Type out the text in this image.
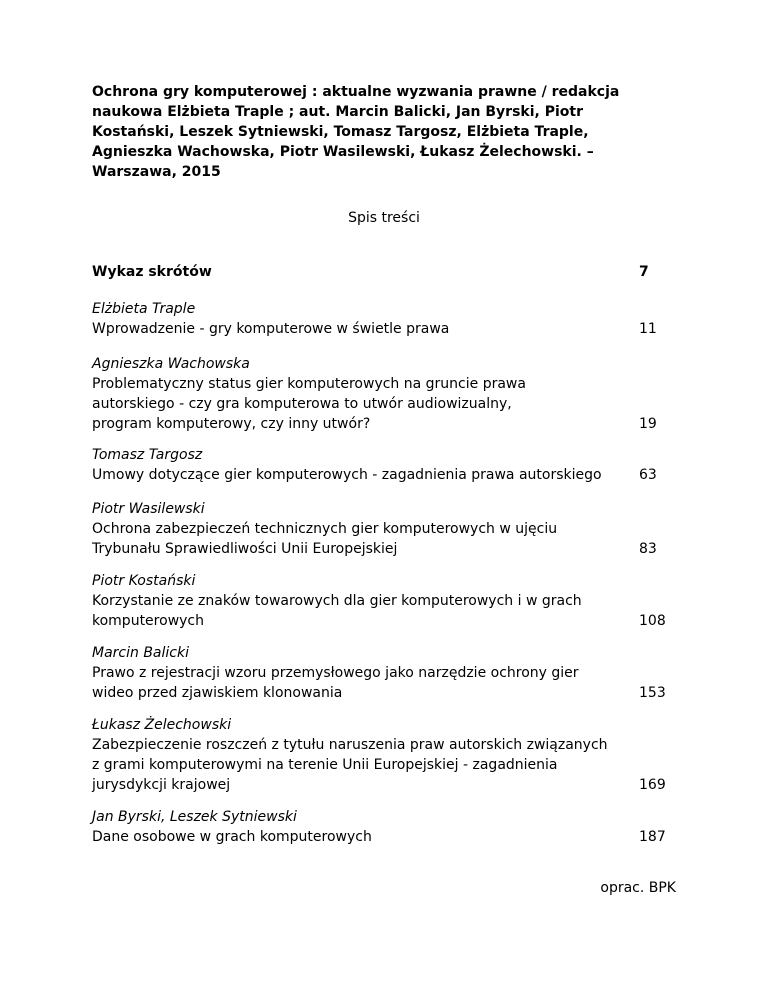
Ochrona gry komputerowej : aktualne wyzwania prawne / redakcja
naukowa Elżbieta Traple ; aut. Marcin Balicki, Jan Byrski, Piotr
Kostański, Leszek Sytniewski, Tomasz Targosz, Elżbieta Traple,
Agnieszka Wachowska, Piotr Wasilewski, Łukasz Żelechowski. –
Warszawa, 2015
Spis treści
Wykaz skrótów	7
Elżbieta Traple
Wprowadzenie - gry komputerowe w świetle prawa	11
Agnieszka Wachowska
Problematyczny status gier komputerowych na gruncie prawa
autorskiego - czy gra komputerowa to utwór audiowizualny,
program komputerowy, czy inny utwór?	19
Tomasz Targosz
Umowy dotyczące gier komputerowych - zagadnienia prawa autorskiego	63
Piotr Wasilewski
Ochrona zabezpieczeń technicznych gier komputerowych w ujęciu
Trybunału Sprawiedliwości Unii Europejskiej	83
Piotr Kostański
Korzystanie ze znaków towarowych dla gier komputerowych i w grach
komputerowych	108
Marcin Balicki
Prawo z rejestracji wzoru przemysłowego jako narzędzie ochrony gier
wideo przed zjawiskiem klonowania	153
Łukasz Żelechowski
Zabezpieczenie roszczeń z tytułu naruszenia praw autorskich związanych
z grami komputerowymi na terenie Unii Europejskiej - zagadnienia
jurysdykcji krajowej	169
Jan Byrski, Leszek Sytniewski
Dane osobowe w grach komputerowych	187
oprac. BPK
